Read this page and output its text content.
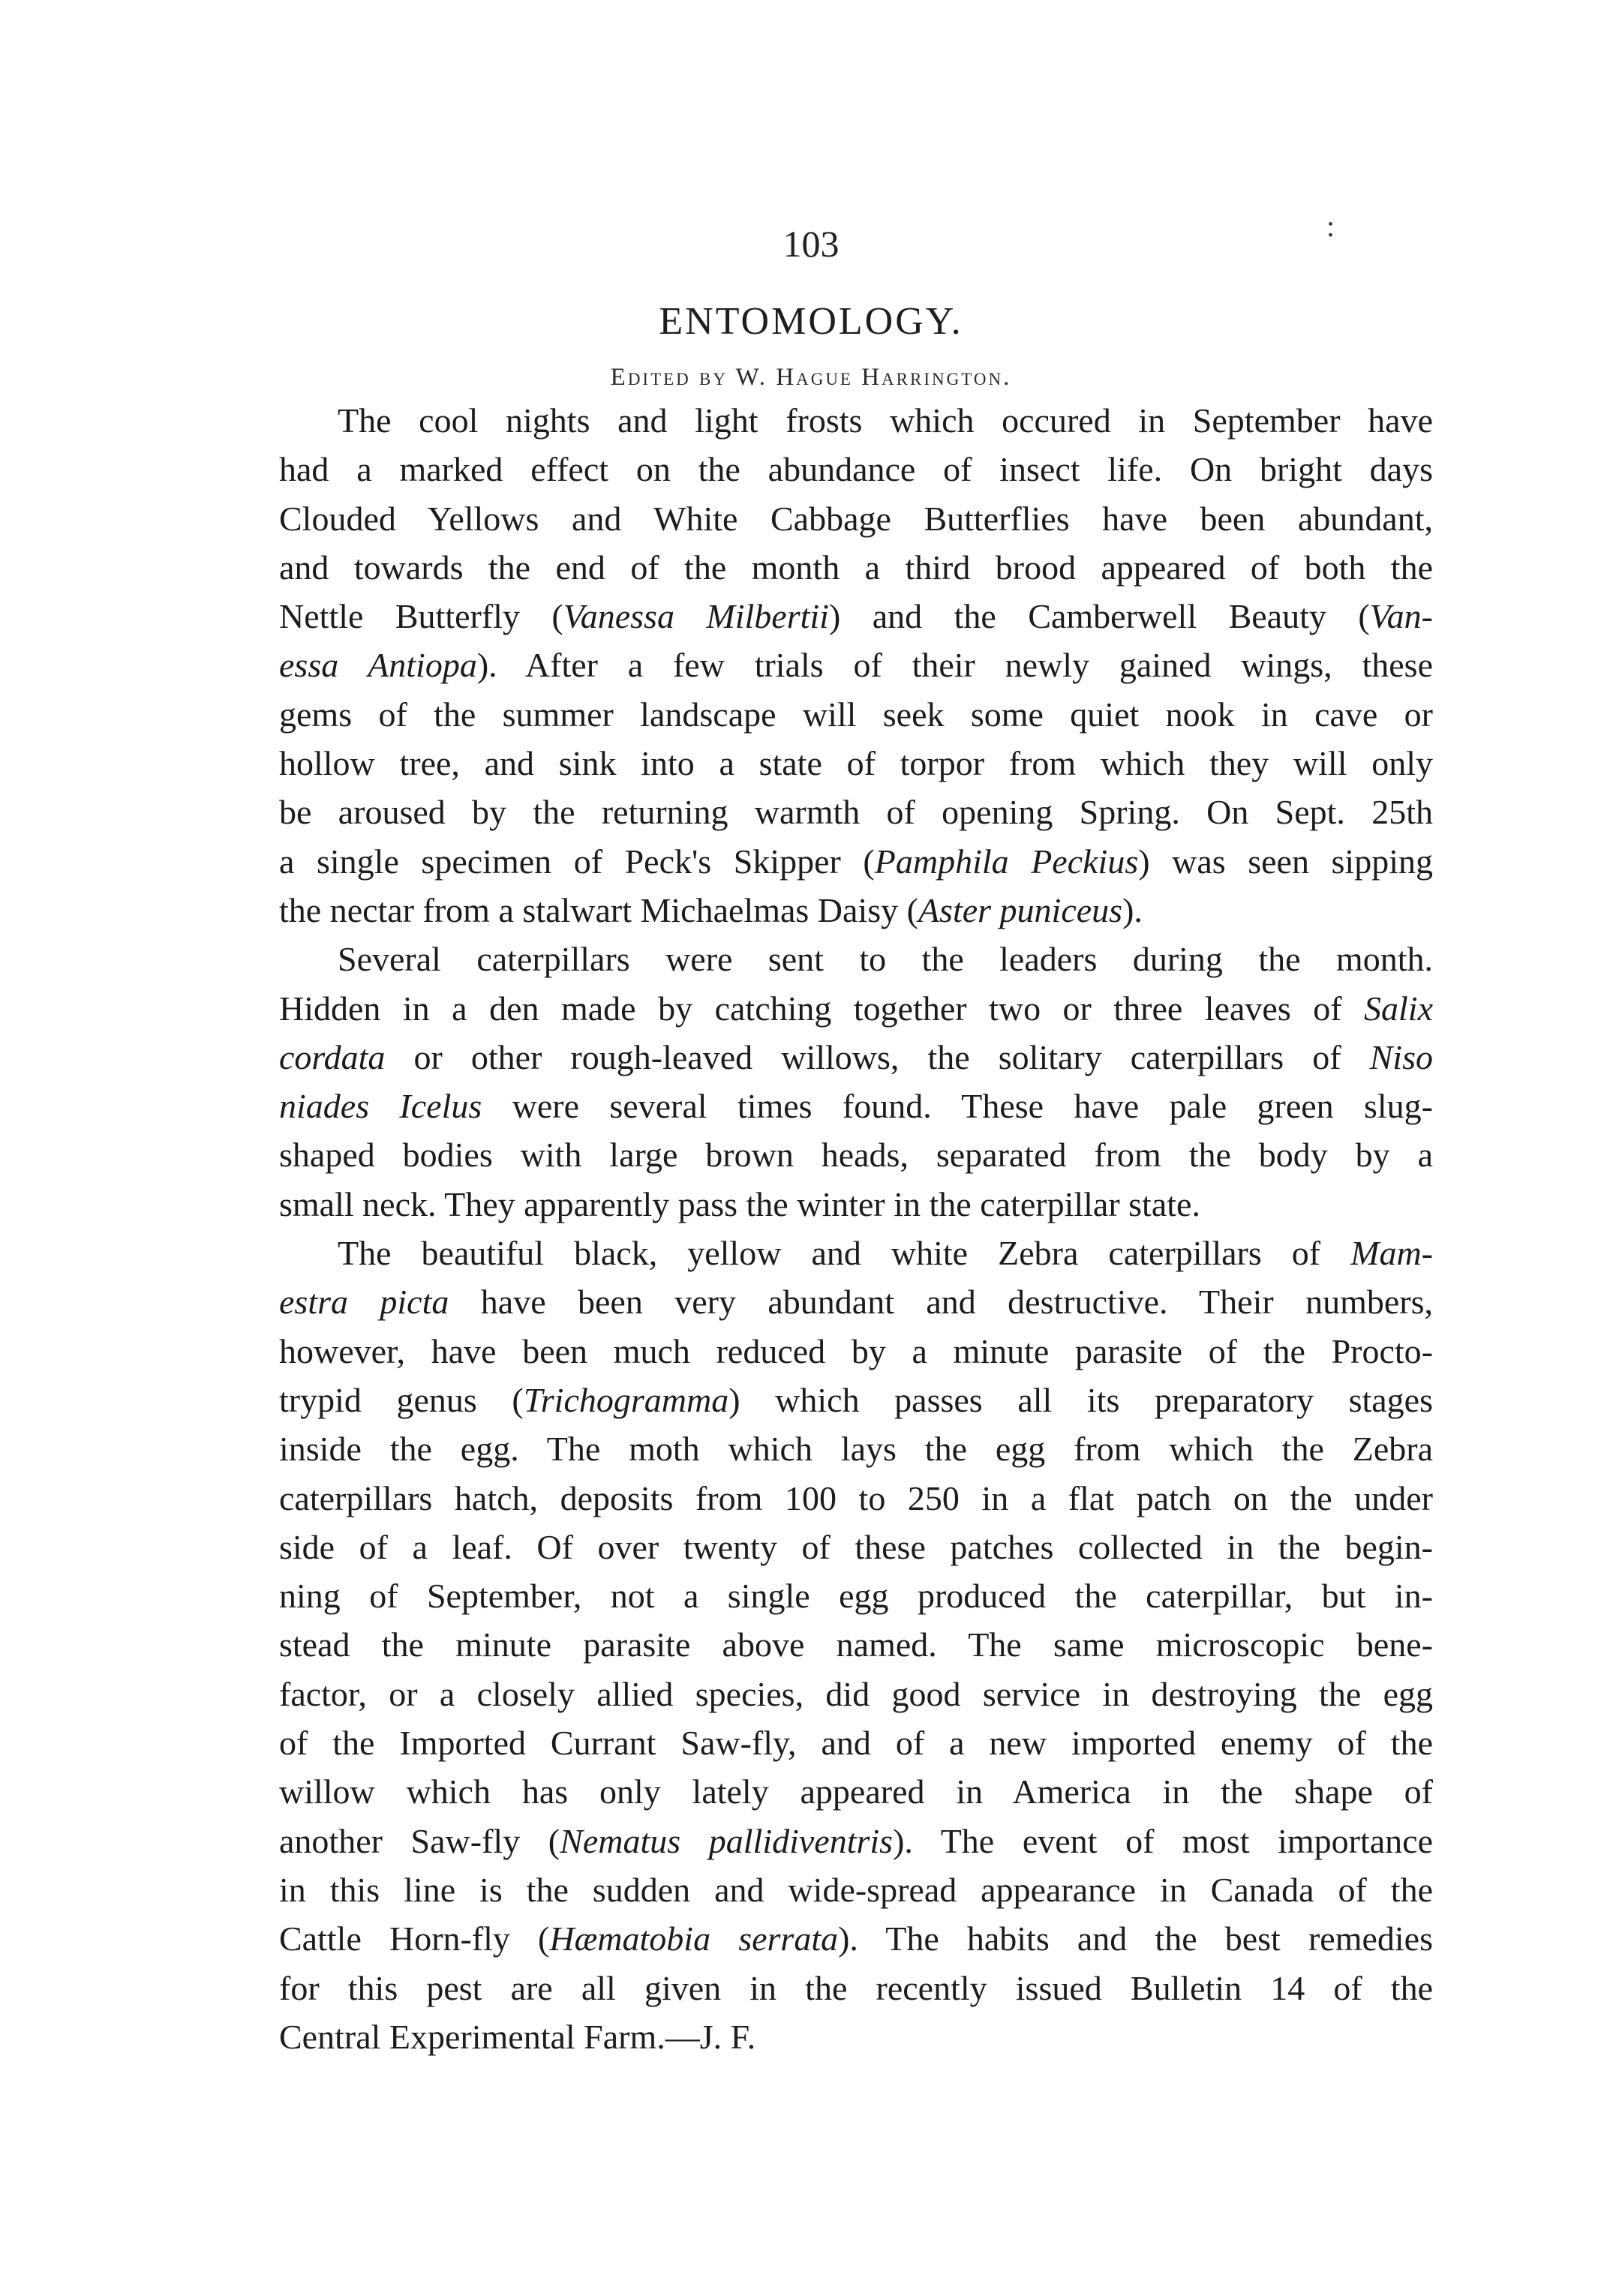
:
103
ENTOMOLOGY.
Edited by W. Hague Harrington.
The cool nights and light frosts which occured in September have
had a marked effect on the abundance of insect life. On bright days
Clouded Yellows and White Cabbage Butterflies have been abundant,
and towards the end of the month a third brood appeared of both the
Nettle Butterfly (Vanessa Milbertii) and the Camberwell Beauty (Van-
essa Antiopa). After a few trials of their newly gained wings, these
gems of the summer landscape will seek some quiet nook in cave or
hollow tree, and sink into a state of torpor from which they will only
be aroused by the returning warmth of opening Spring. On Sept. 25th
a single specimen of Peck's Skipper (Pamphila Peckius) was seen sipping
the nectar from a stalwart Michaelmas Daisy (Aster puniceus).
Several caterpillars were sent to the leaders during the month.
Hidden in a den made by catching together two or three leaves of Salix
cordata or other rough-leaved willows, the solitary caterpillars of Niso
niades Icelus were several times found. These have pale green slug-
shaped bodies with large brown heads, separated from the body by a
small neck. They apparently pass the winter in the caterpillar state.
The beautiful black, yellow and white Zebra caterpillars of Mam-
estra picta have been very abundant and destructive. Their numbers,
however, have been much reduced by a minute parasite of the Procto-
trypid genus (Trichogramma) which passes all its preparatory stages
inside the egg. The moth which lays the egg from which the Zebra
caterpillars hatch, deposits from 100 to 250 in a flat patch on the under
side of a leaf. Of over twenty of these patches collected in the begin-
ning of September, not a single egg produced the caterpillar, but in-
stead the minute parasite above named. The same microscopic bene-
factor, or a closely allied species, did good service in destroying the egg
of the Imported Currant Saw-fly, and of a new imported enemy of the
willow which has only lately appeared in America in the shape of
another Saw-fly (Nematus pallidiventris). The event of most importance
in this line is the sudden and wide-spread appearance in Canada of the
Cattle Horn-fly (Hæmatobia serrata). The habits and the best remedies
for this pest are all given in the recently issued Bulletin 14 of the
Central Experimental Farm.—J. F.
